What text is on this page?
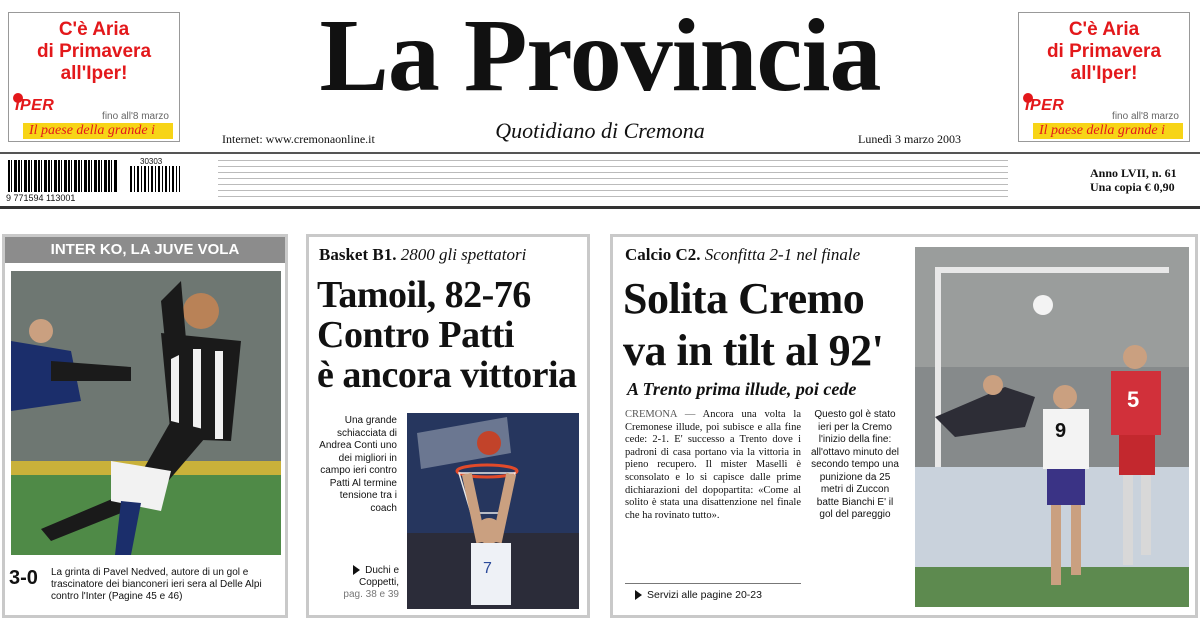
C'è Aria
di Primavera
all'Iper!
IPER
fino all'8 marzo
Il paese della grande i
C'è Aria
di Primavera
all'Iper!
IPER
fino all'8 marzo
Il paese della grande i
La Provincia
Quotidiano di Cremona
Internet: www.cremonaonline.it	Lunedì 3 marzo 2003
9 771594 113001
30303
Anno LVII, n. 61
Una copia € 0,90
INTER KO, LA JUVE VOLA
3-0 La grinta di Pavel Nedved, autore di un gol e trascinatore dei bianconeri ieri sera al Delle Alpi contro l'Inter (Pagine 45 e 46)
Basket B1. 2800 gli spettatori
Tamoil, 82-76
Contro Patti
è ancora vittoria
Una grande schiacciata di Andrea Conti uno dei migliori in campo ieri contro Patti Al termine tensione tra i coach
7
Duchi e
Coppetti,
pag. 38 e 39
Calcio C2. Sconfitta 2-1 nel finale
Solita Cremo
va in tilt al 92'
A Trento prima illude, poi cede
CREMONA — Ancora una volta la Cremonese illude, poi subisce e alla fine cede: 2-1. E' successo a Trento dove i padroni di casa portano via la vittoria in pieno recupero. Il mister Maselli è sconsolato e lo si capisce dalle prime dichiarazioni del dopopartita: «Come al solito è stata una disattenzione nel finale che ha rovinato tutto».
Servizi alle pagine 20-23
Questo gol è stato ieri per la Cremo l'inizio della fine: all'ottavo minuto del secondo tempo una punizione da 25 metri di Zuccon batte Bianchi E' il gol del pareggio
9
5
